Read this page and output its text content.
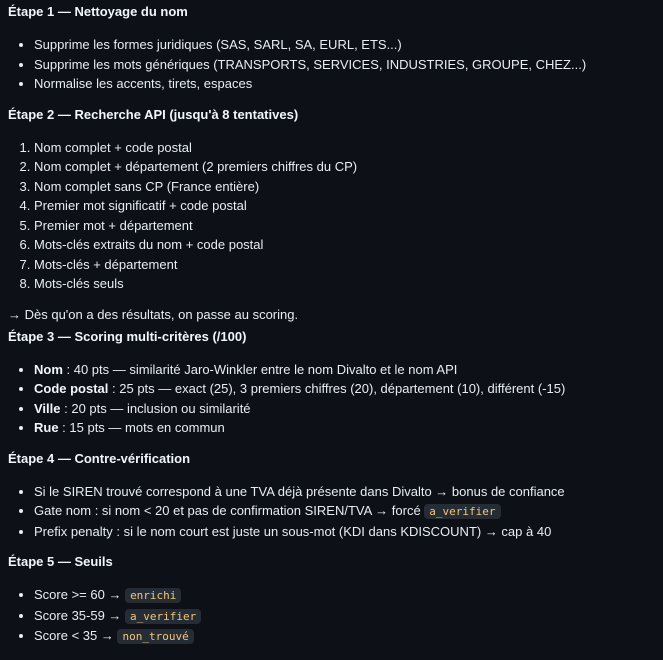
Étape 1 — Nettoyage du nom
• Supprime les formes juridiques (SAS, SARL, SA, EURL, ETS...)
• Supprime les mots génériques (TRANSPORTS, SERVICES, INDUSTRIES, GROUPE, CHEZ...)
• Normalise les accents, tirets, espaces
Étape 2 — Recherche API (jusqu'à 8 tentatives)
1. Nom complet + code postal
2. Nom complet + département (2 premiers chiffres du CP)
3. Nom complet sans CP (France entière)
4. Premier mot significatif + code postal
5. Premier mot + département
6. Mots-clés extraits du nom + code postal
7. Mots-clés + département
8. Mots-clés seuls

→ Dès qu'on a des résultats, on passe au scoring.

Étape 3 — Scoring multi-critères (/100)
• Nom : 40 pts — similarité Jaro-Winkler entre le nom Divalto et le nom API
• Code postal : 25 pts — exact (25), 3 premiers chiffres (20), département (10), différent (-15)
• Ville : 20 pts — inclusion ou similarité
• Rue : 15 pts — mots en commun
Étape 4 — Contre-vérification
• Si le SIREN trouvé correspond à une TVA déjà présente dans Divalto → bonus de confiance
• Gate nom : si nom < 20 et pas de confirmation SIREN/TVA → forcé a_verifier
• Prefix penalty : si le nom court est juste un sous-mot (KDI dans KDISCOUNT) → cap à 40
Étape 5 — Seuils
• Score >= 60 → enrichi
• Score 35-59 → a_verifier
• Score < 35 → non_trouvé
